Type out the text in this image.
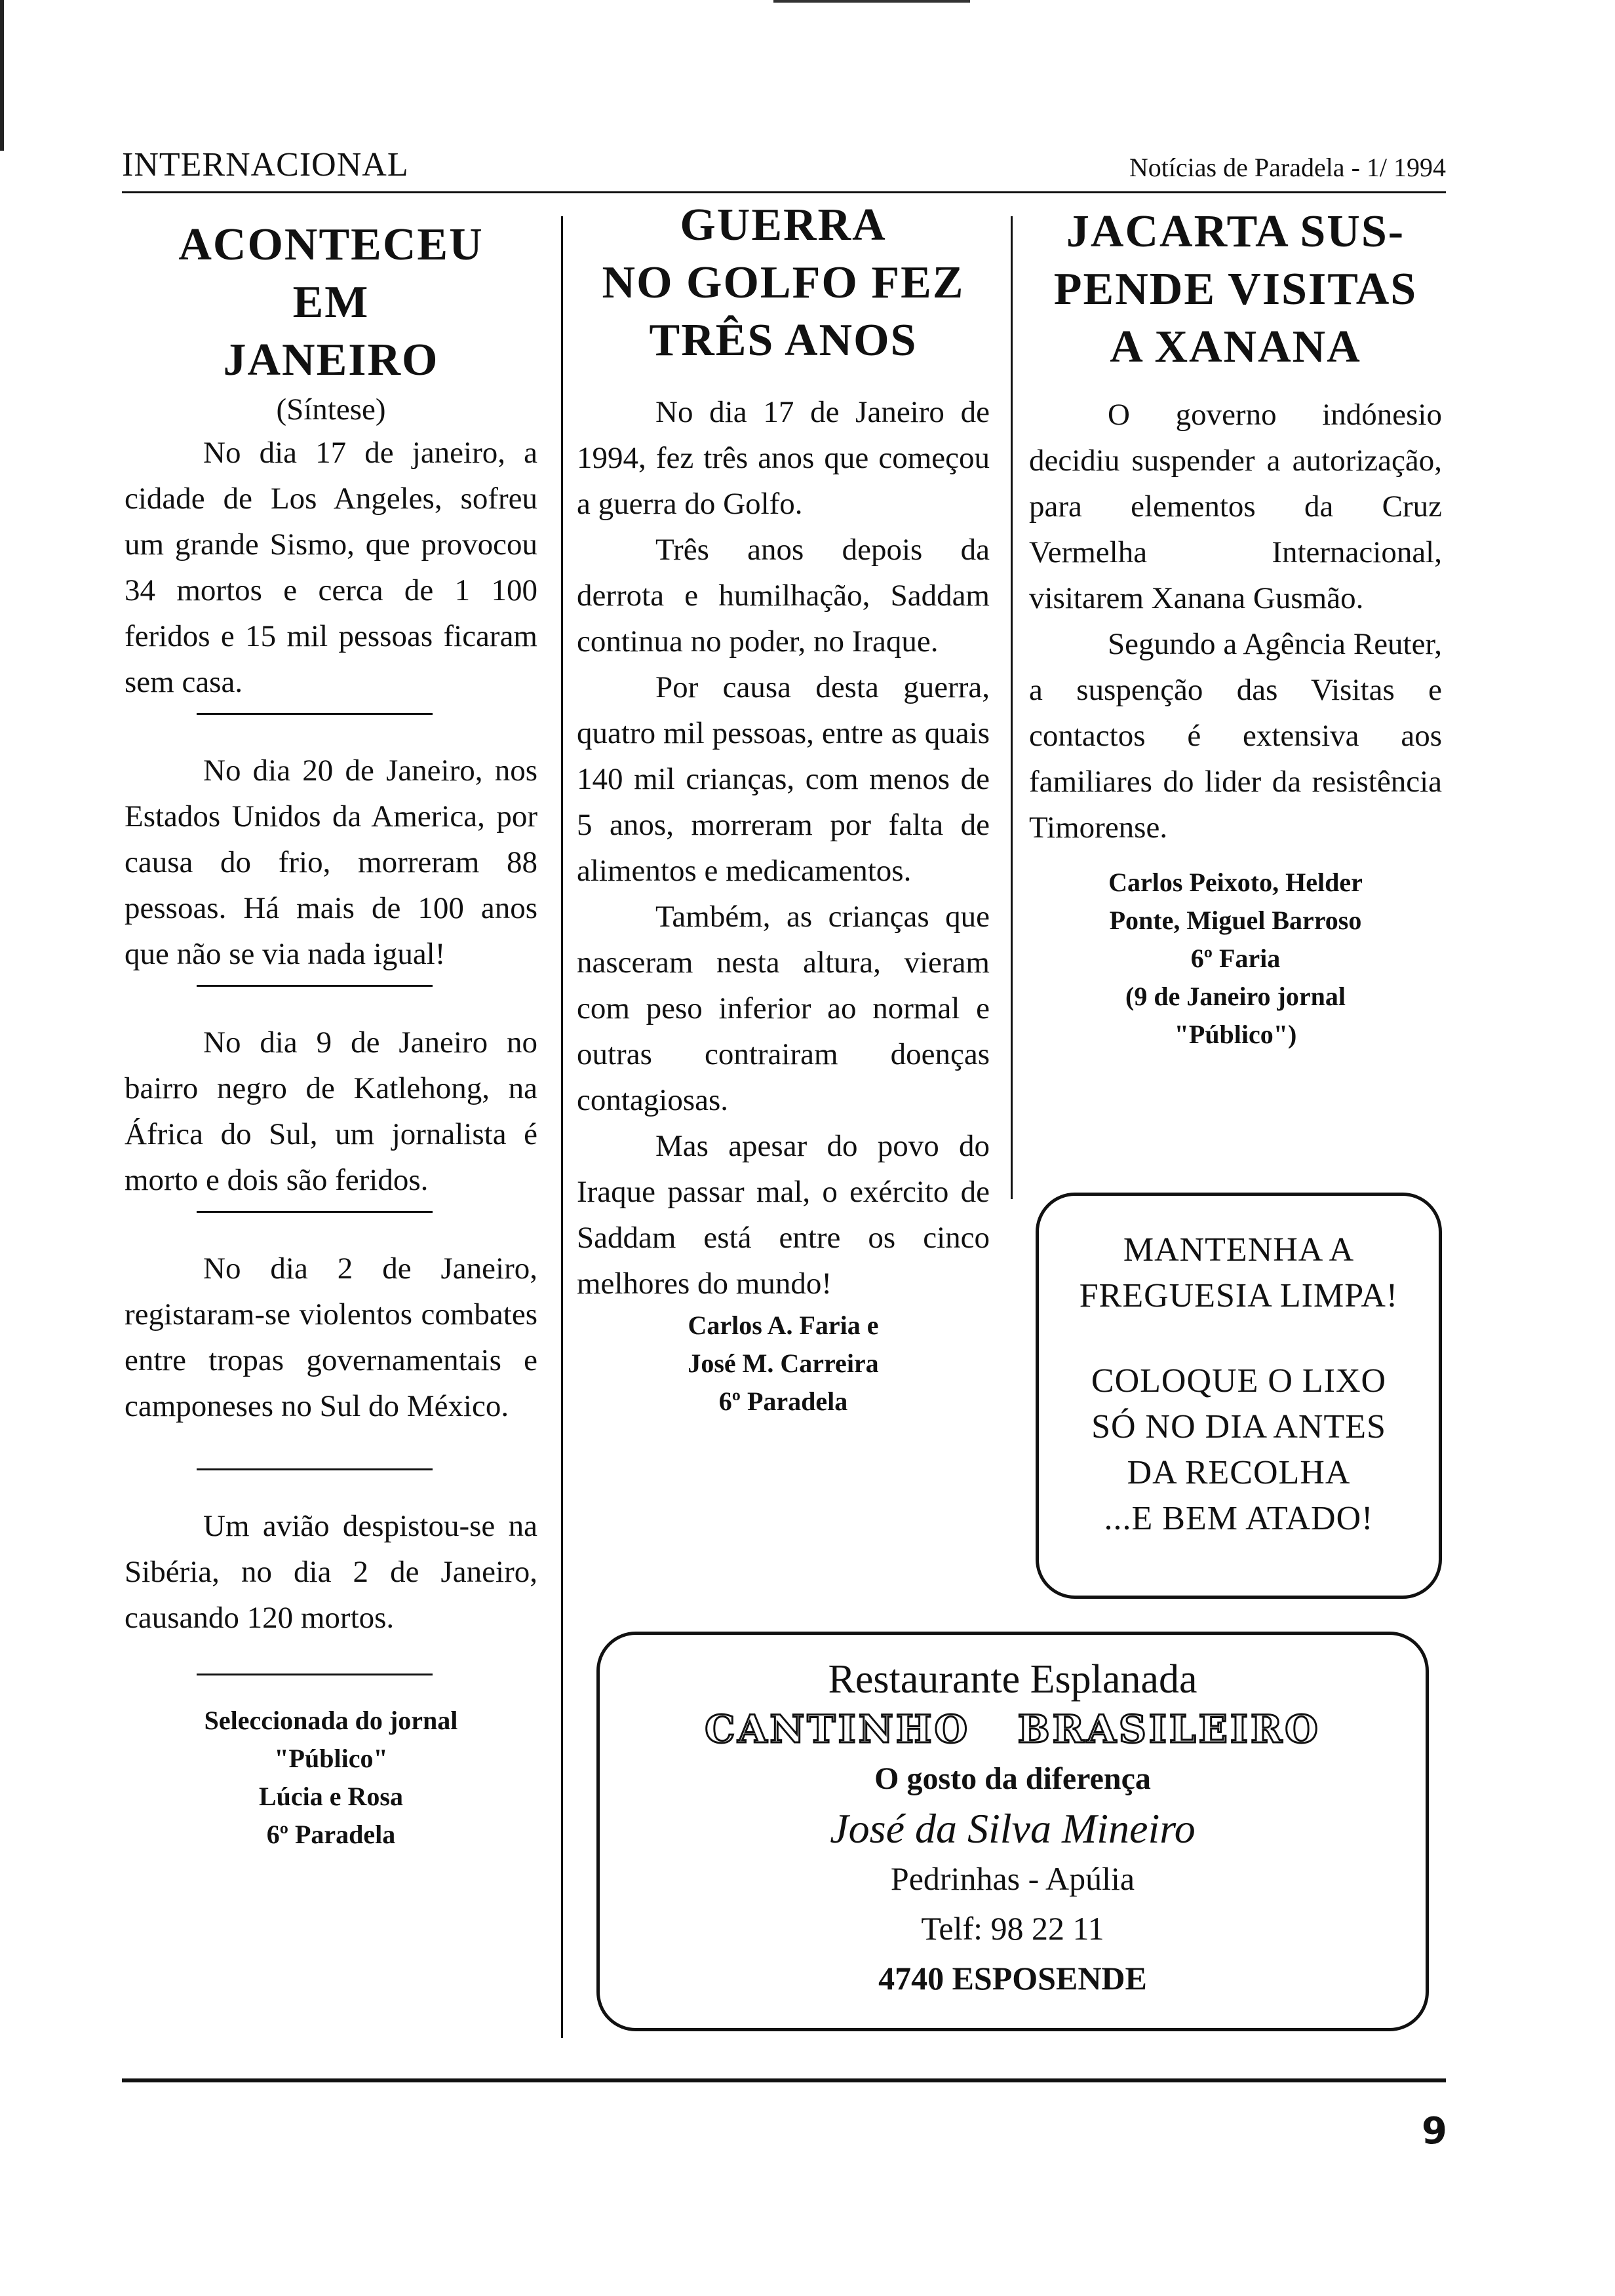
INTERNACIONAL	Notícias de Paradela - 1/ 1994
ACONTECEU
EM
JANEIRO
(Síntese)

No dia 17 de janeiro, a cidade de Los Angeles, sofreu um grande Sismo, que provocou 34 mortos e cerca de 1 100 feridos e 15 mil pessoas ficaram sem casa.

No dia 20 de Janeiro, nos Estados Unidos da America, por causa do frio, morreram 88 pessoas. Há mais de 100 anos que não se via nada igual!

No dia 9 de Janeiro no bairro negro de Katlehong, na África do Sul, um jornalista é morto e dois são feridos.

No dia 2 de Janeiro, registaram-se violentos combates entre tropas governamentais e camponeses no Sul do México.

Um avião despistou-se na Sibéria, no dia 2 de Janeiro, causando 120 mortos.

Seleccionada do jornal
"Público"
Lúcia e Rosa
6º Paradela
GUERRA
NO GOLFO FEZ
TRÊS ANOS

No dia 17 de Janeiro de 1994, fez três anos que começou a guerra do Golfo.

Três anos depois da derrota e humilhação, Saddam continua no poder, no Iraque.

Por causa desta guerra, quatro mil pessoas, entre as quais 140 mil crianças, com menos de 5 anos, morreram por falta de alimentos e medicamentos.

Também, as crianças que nasceram nesta altura, vieram com peso inferior ao normal e outras contrairam doenças contagiosas.

Mas apesar do povo do Iraque passar mal, o exército de Saddam está entre os cinco melhores do mundo!

Carlos A. Faria e
José M. Carreira
6º Paradela
JACARTA SUS-
PENDE VISITAS
A XANANA

O governo indónesio decidiu suspender a autorização, para elementos da Cruz Vermelha Internacional, visitarem Xanana Gusmão.

Segundo a Agência Reuter, a suspenção das Visitas e contactos é extensiva aos familiares do lider da resistência Timorense.

Carlos Peixoto, Helder
Ponte, Miguel Barroso
6º Faria
(9 de Janeiro jornal
"Público")
MANTENHA A
FREGUESIA LIMPA!
COLOQUE O LIXO
SÓ NO DIA ANTES
DA RECOLHA
...E BEM ATADO!
Restaurante Esplanada
CANTINHO BRASILEIRO
O gosto da diferença
José da Silva Mineiro
Pedrinhas - Apúlia
Telf: 98 22 11
4740 ESPOSENDE
9
